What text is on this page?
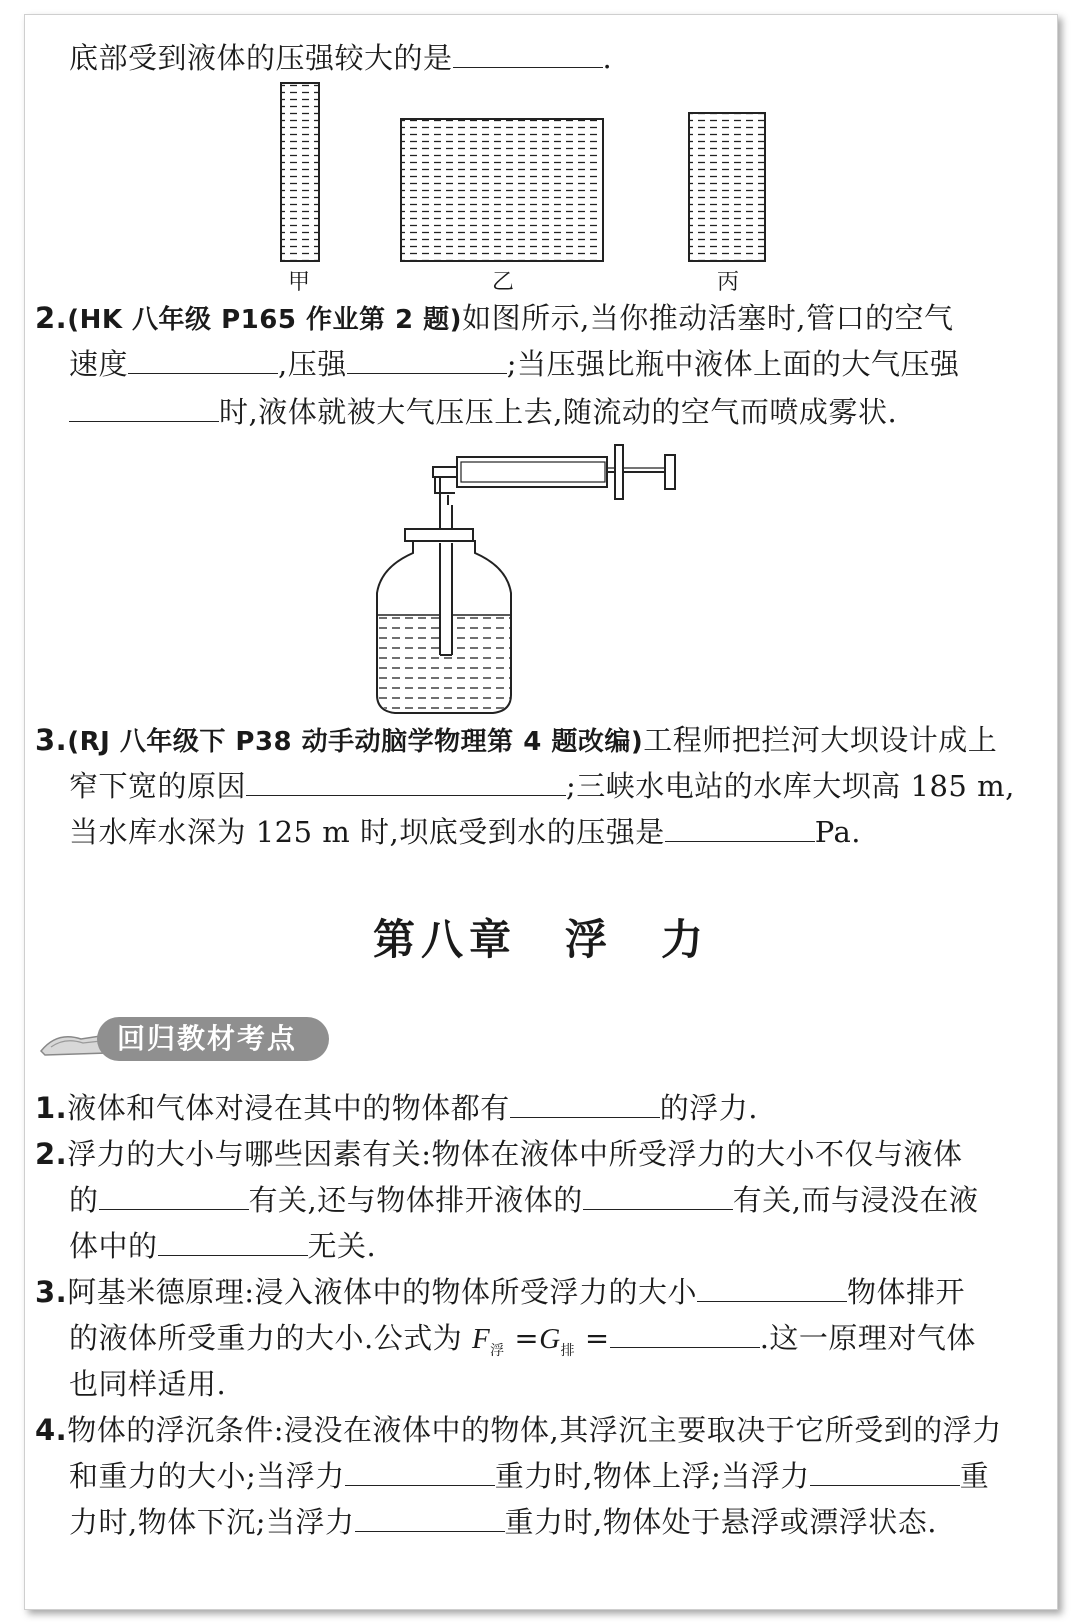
底部受到液体的压强较大的是	.
甲	乙	丙
2.(HK 八年级 P165 作业第 2 题)如图所示,当你推动活塞时,管口的空气
速度	,压强	;当压强比瓶中液体上面的大气压强
时,液体就被大气压压上去,随流动的空气而喷成雾状.
3.(RJ 八年级下 P38 动手动脑学物理第 4 题改编)工程师把拦河大坝设计成上
窄下宽的原因	;三峡水电站的水库大坝高 185 m,
当水库水深为 125 m 时,坝底受到水的压强是	Pa.
第八章　浮　力
回归教材考点
1.液体和气体对浸在其中的物体都有	的浮力.
2.浮力的大小与哪些因素有关:物体在液体中所受浮力的大小不仅与液体
的	有关,还与物体排开液体的	有关,而与浸没在液
体中的	无关.
3.阿基米德原理:浸入液体中的物体所受浮力的大小	物体排开
的液体所受重力的大小.公式为 $F_浮 =G_排$ =	.这一原理对气体
也同样适用.
4.物体的浮沉条件:浸没在液体中的物体,其浮沉主要取决于它所受到的浮力
和重力的大小;当浮力	重力时,物体上浮;当浮力	重
力时,物体下沉;当浮力	重力时,物体处于悬浮或漂浮状态.
